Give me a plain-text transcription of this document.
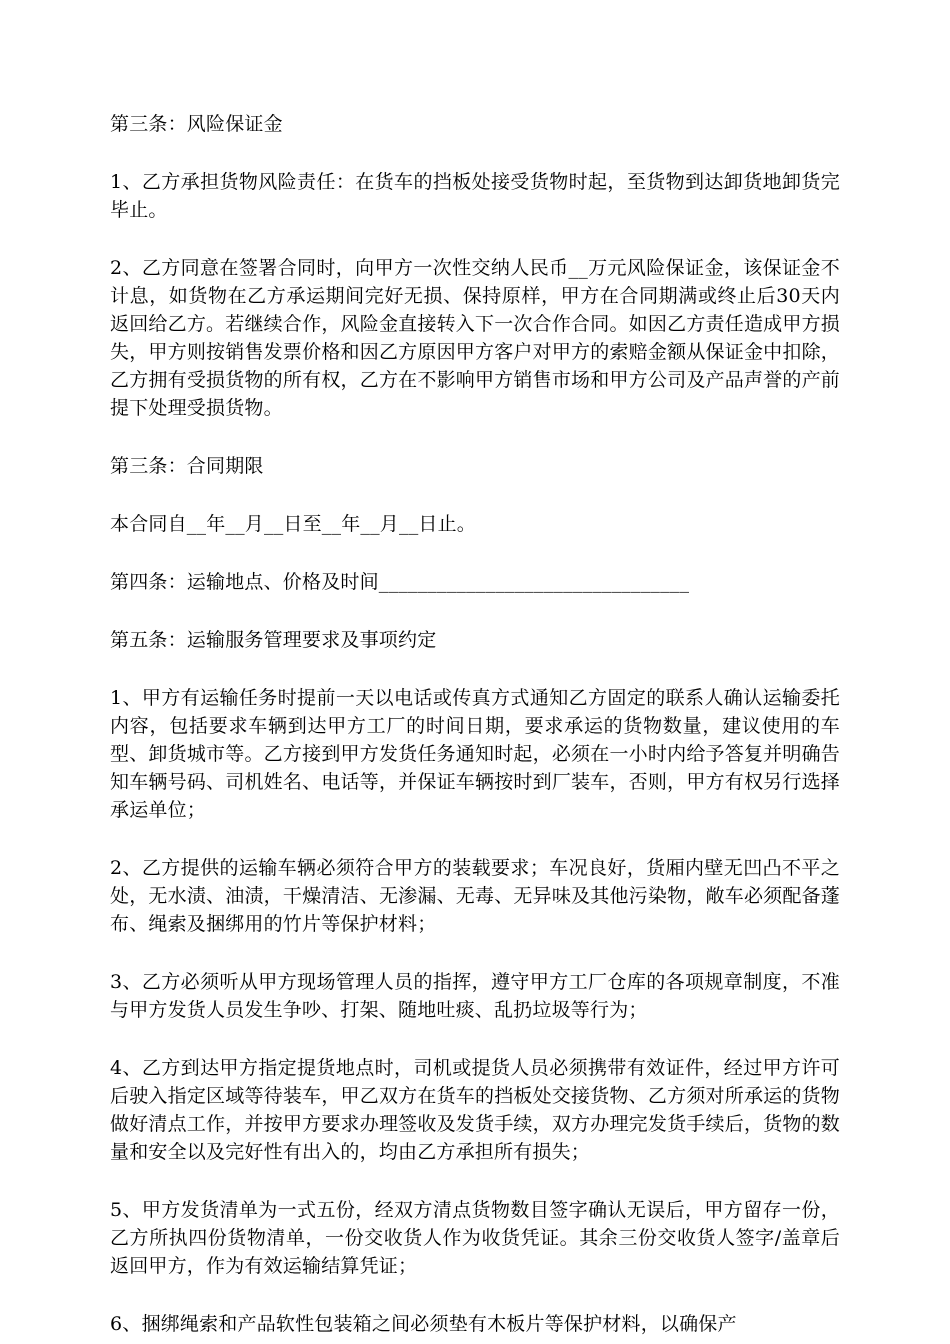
第三条：风险保证金

1、乙方承担货物风险责任：在货车的挡板处接受货物时起，至货物到达卸货地卸货完毕止。

2、乙方同意在签署合同时，向甲方一次性交纳人民币__万元风险保证金，该保证金不计息，如货物在乙方承运期间完好无损、保持原样，甲方在合同期满或终止后30天内返回给乙方。若继续合作，风险金直接转入下一次合作合同。如因乙方责任造成甲方损失，甲方则按销售发票价格和因乙方原因甲方客户对甲方的索赔金额从保证金中扣除，乙方拥有受损货物的所有权，乙方在不影响甲方销售市场和甲方公司及产品声誉的产前提下处理受损货物。

第三条：合同期限

本合同自__年__月__日至__年__月__日止。

第四条：运输地点、价格及时间________________________________

第五条：运输服务管理要求及事项约定

1、甲方有运输任务时提前一天以电话或传真方式通知乙方固定的联系人确认运输委托内容，包括要求车辆到达甲方工厂的时间日期，要求承运的货物数量，建议使用的车型、卸货城市等。乙方接到甲方发货任务通知时起，必须在一小时内给予答复并明确告知车辆号码、司机姓名、电话等，并保证车辆按时到厂装车，否则，甲方有权另行选择承运单位；

2、乙方提供的运输车辆必须符合甲方的装载要求；车况良好，货厢内壁无凹凸不平之处，无水渍、油渍，干燥清洁、无渗漏、无毒、无异味及其他污染物，敞车必须配备蓬布、绳索及捆绑用的竹片等保护材料；

3、乙方必须听从甲方现场管理人员的指挥，遵守甲方工厂仓库的各项规章制度，不准与甲方发货人员发生争吵、打架、随地吐痰、乱扔垃圾等行为；

4、乙方到达甲方指定提货地点时，司机或提货人员必须携带有效证件，经过甲方许可后驶入指定区域等待装车，甲乙双方在货车的挡板处交接货物、乙方须对所承运的货物做好清点工作，并按甲方要求办理签收及发货手续，双方办理完发货手续后，货物的数量和安全以及完好性有出入的，均由乙方承担所有损失；

5、甲方发货清单为一式五份，经双方清点货物数目签字确认无误后，甲方留存一份，乙方所执四份货物清单，一份交收货人作为收货凭证。其余三份交收货人签字/盖章后返回甲方，作为有效运输结算凭证；

6、捆绑绳索和产品软性包装箱之间必须垫有木板片等保护材料，以确保产
